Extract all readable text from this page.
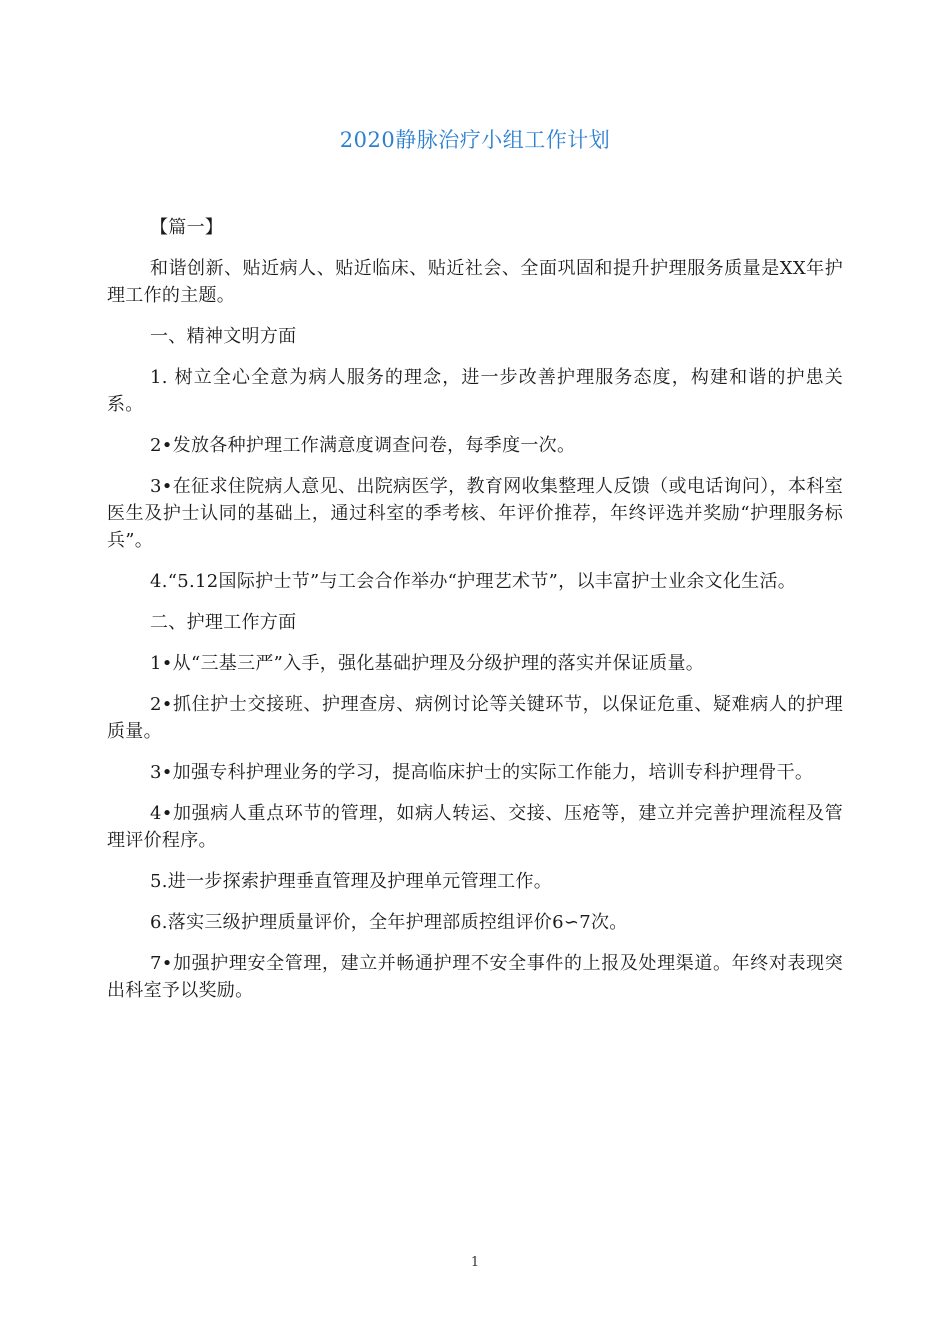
2020静脉治疗小组工作计划

【篇一】

和谐创新、贴近病人、贴近临床、贴近社会、全面巩固和提升护理服务质量是XX年护理工作的主题。

一、精神文明方面

1. 树立全心全意为病人服务的理念，进一步改善护理服务态度，构建和谐的护患关系。

2•发放各种护理工作满意度调查问卷，每季度一次。

3•在征求住院病人意见、出院病医学，教育网收集整理人反馈（或电话询问），本科室医生及护士认同的基础上，通过科室的季考核、年评价推荐，年终评选并奖励“护理服务标兵”。

4.“5.12国际护士节”与工会合作举办“护理艺术节”，以丰富护士业余文化生活。

二、护理工作方面

1•从“三基三严”入手，强化基础护理及分级护理的落实并保证质量。

2•抓住护士交接班、护理查房、病例讨论等关键环节，以保证危重、疑难病人的护理质量。

3•加强专科护理业务的学习，提高临床护士的实际工作能力，培训专科护理骨干。

4•加强病人重点环节的管理，如病人转运、交接、压疮等，建立并完善护理流程及管理评价程序。

5.进一步探索护理垂直管理及护理单元管理工作。

6.落实三级护理质量评价，全年护理部质控组评价6∽7次。

7•加强护理安全管理，建立并畅通护理不安全事件的上报及处理渠道。年终对表现突出科室予以奖励。

1
